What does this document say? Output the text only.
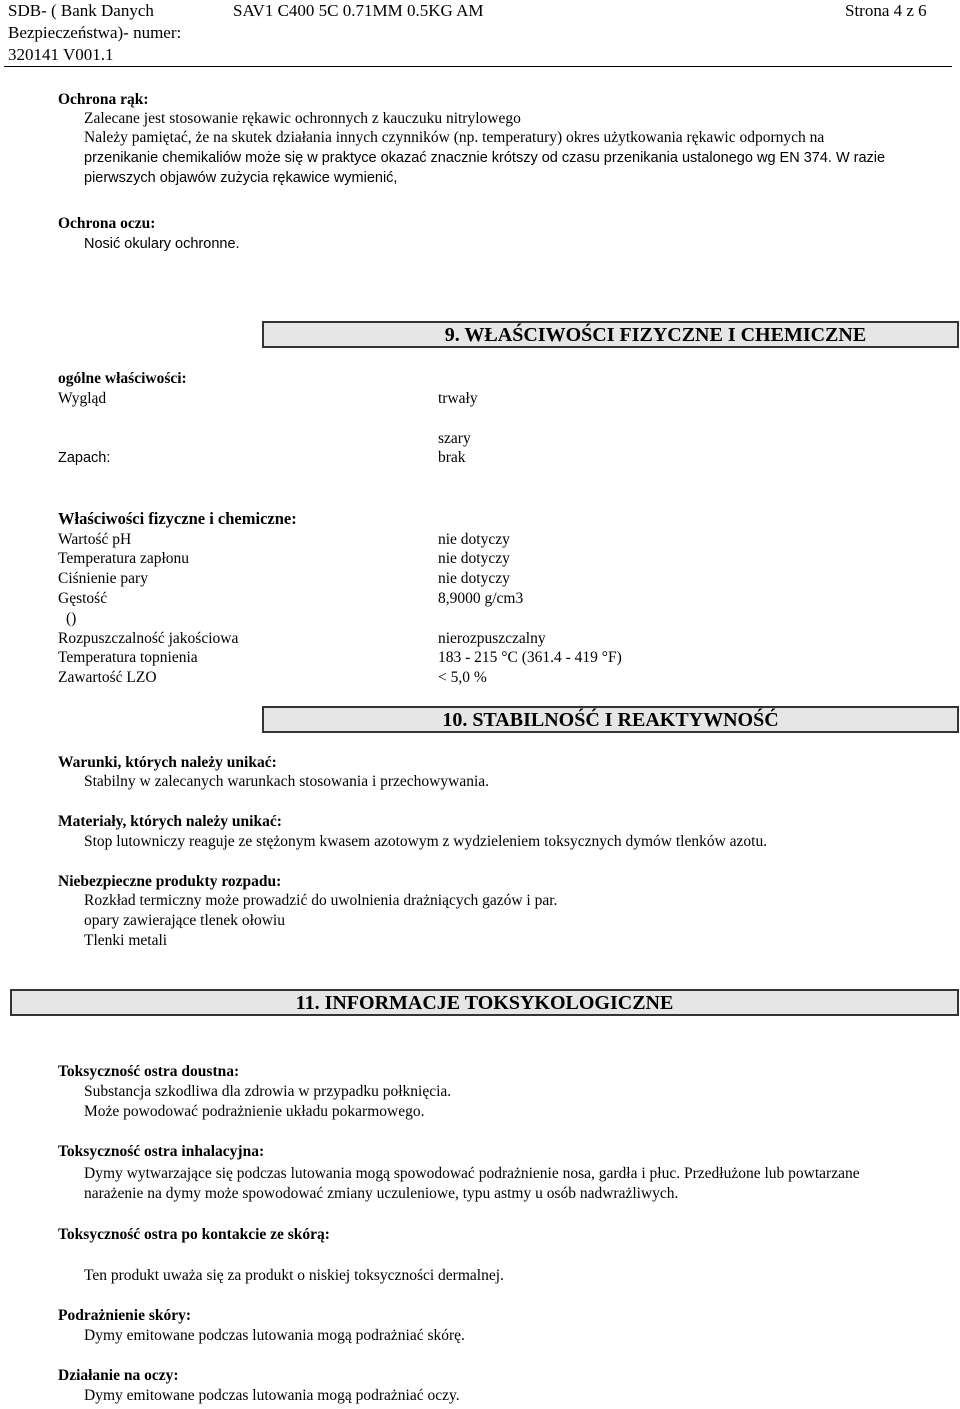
SDB- ( Bank Danych	SAV1 C400 5C 0.71MM 0.5KG AM	Strona 4 z 6
Bezpieczeństwa)- numer:
320141 V001.1
Ochrona rąk:
Zalecane jest stosowanie rękawic ochronnych z kauczuku nitrylowego
Należy pamiętać, że na skutek działania innych czynników (np. temperatury) okres użytkowania rękawic odpornych na
przenikanie chemikaliów może się w praktyce okazać znacznie krótszy od czasu przenikania ustalonego wg EN 374. W razie
pierwszych objawów zużycia rękawice wymienić,
Ochrona oczu:
Nosić okulary ochronne.
9. WŁAŚCIWOŚCI FIZYCZNE I CHEMICZNE
ogólne właściwości:
Wygląd	trwały
szary
Zapach:	brak
Właściwości fizyczne i chemiczne:
Wartość pH	nie dotyczy
Temperatura zapłonu	nie dotyczy
Ciśnienie pary	nie dotyczy
Gęstość	8,9000 g/cm3
()
Rozpuszczalność jakościowa	nierozpuszczalny
Temperatura topnienia	183 - 215 °C (361.4 - 419 °F)
Zawartość LZO	< 5,0 %
10. STABILNOŚĆ I REAKTYWNOŚĆ
Warunki, których należy unikać:
Stabilny w zalecanych warunkach stosowania i przechowywania.
Materiały, których należy unikać:
Stop lutowniczy reaguje ze stężonym kwasem azotowym z wydzieleniem toksycznych dymów tlenków azotu.
Niebezpieczne produkty rozpadu:
Rozkład termiczny może prowadzić do uwolnienia drażniących gazów i par.
opary zawierające tlenek ołowiu
Tlenki metali
11. INFORMACJE TOKSYKOLOGICZNE
Toksyczność ostra doustna:
Substancja szkodliwa dla zdrowia w przypadku połknięcia.
Może powodować podrażnienie układu pokarmowego.
Toksyczność ostra inhalacyjna:
Dymy wytwarzające się podczas lutowania mogą spowodować podrażnienie nosa, gardła i płuc. Przedłużone lub powtarzane
narażenie na dymy może spowodować zmiany uczuleniowe, typu astmy u osób nadwrażliwych.
Toksyczność ostra po kontakcie ze skórą:
Ten produkt uważa się za produkt o niskiej toksyczności dermalnej.
Podrażnienie skóry:
Dymy emitowane podczas lutowania mogą podrażniać skórę.
Działanie na oczy:
Dymy emitowane podczas lutowania mogą podrażniać oczy.
